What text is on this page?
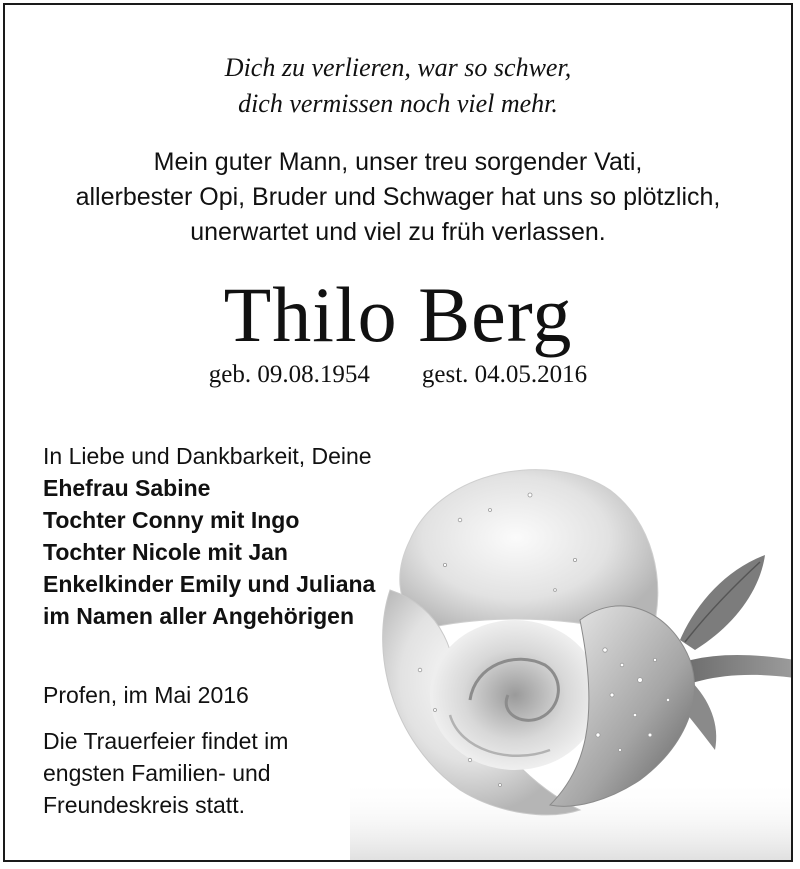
Dich zu verlieren, war so schwer,
dich vermissen noch viel mehr.
Mein guter Mann, unser treu sorgender Vati,
allerbester Opi, Bruder und Schwager hat uns so plötzlich,
unerwartet und viel zu früh verlassen.
Thilo Berg
geb. 09.08.1954 gest. 04.05.2016
In Liebe und Dankbarkeit, Deine
Ehefrau Sabine
Tochter Conny mit Ingo
Tochter Nicole mit Jan
Enkelkinder Emily und Juliana
im Namen aller Angehörigen
Profen, im Mai 2016
Die Trauerfeier findet im
engsten Familien- und
Freundeskreis statt.
